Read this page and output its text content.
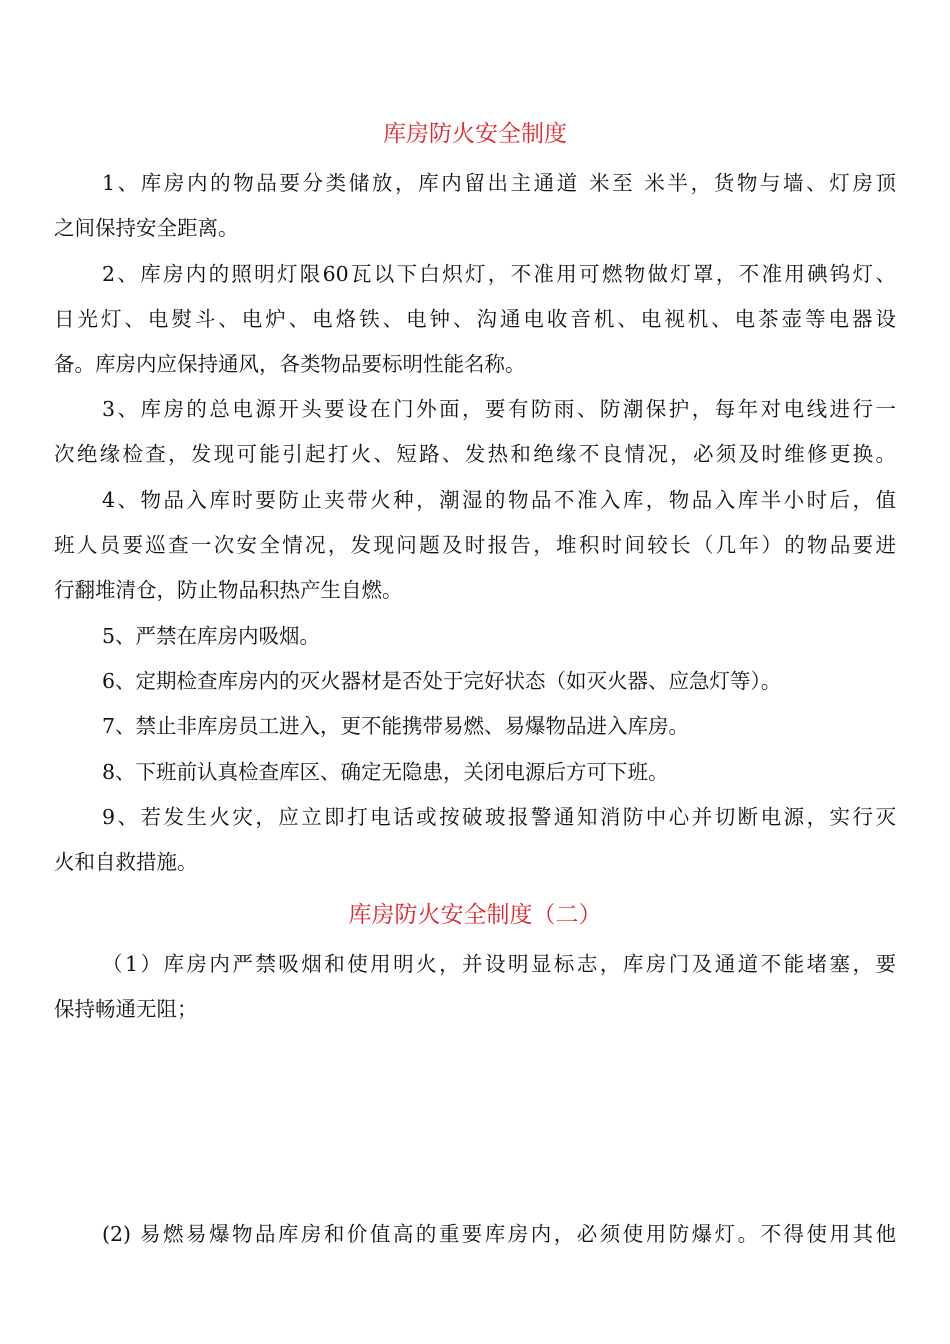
库房防火安全制度
1、库房内的物品要分类储放，库内留出主通道 米至 米半，货物与墙、灯房顶
之间保持安全距离。
2、库房内的照明灯限60瓦以下白炽灯，不准用可燃物做灯罩，不准用碘钨灯、
日光灯、电熨斗、电炉、电烙铁、电钟、沟通电收音机、电视机、电茶壶等电器设
备。库房内应保持通风，各类物品要标明性能名称。
3、库房的总电源开头要设在门外面，要有防雨、防潮保护，每年对电线进行一
次绝缘检查，发现可能引起打火、短路、发热和绝缘不良情况，必须及时维修更换。
4、物品入库时要防止夹带火种，潮湿的物品不准入库，物品入库半小时后，值
班人员要巡查一次安全情况，发现问题及时报告，堆积时间较长（几年）的物品要进
行翻堆清仓，防止物品积热产生自燃。
5、严禁在库房内吸烟。
6、定期检查库房内的灭火器材是否处于完好状态（如灭火器、应急灯等）。
7、禁止非库房员工进入，更不能携带易燃、易爆物品进入库房。
8、下班前认真检查库区、确定无隐患，关闭电源后方可下班。
9、若发生火灾，应立即打电话或按破玻报警通知消防中心并切断电源，实行灭
火和自救措施。
库房防火安全制度（二）
（1）库房内严禁吸烟和使用明火，并设明显标志，库房门及通道不能堵塞，要
保持畅通无阻；
(2) 易燃易爆物品库房和价值高的重要库房内，必须使用防爆灯。不得使用其他
